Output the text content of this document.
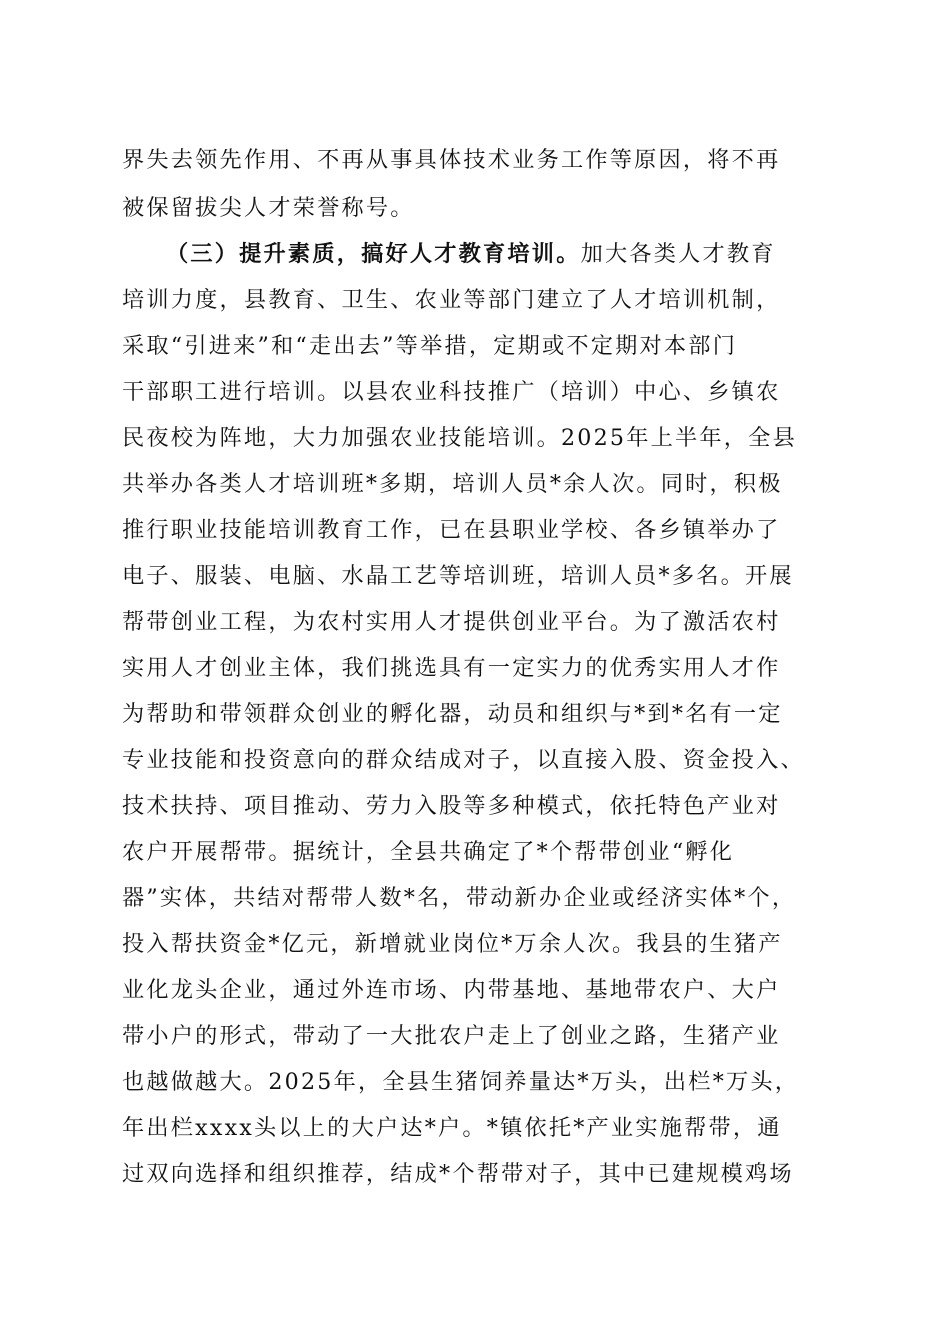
界失去领先作用、不再从事具体技术业务工作等原因，将不再
被保留拔尖人才荣誉称号。
（三）提升素质，搞好人才教育培训。加大各类人才教育
培训力度，县教育、卫生、农业等部门建立了人才培训机制，
采取“引进来”和“走出去”等举措，定期或不定期对本部门
干部职工进行培训。以县农业科技推广（培训）中心、乡镇农
民夜校为阵地，大力加强农业技能培训。2025年上半年，全县
共举办各类人才培训班*多期，培训人员*余人次。同时，积极
推行职业技能培训教育工作，已在县职业学校、各乡镇举办了
电子、服装、电脑、水晶工艺等培训班，培训人员*多名。开展
帮带创业工程，为农村实用人才提供创业平台。为了激活农村
实用人才创业主体，我们挑选具有一定实力的优秀实用人才作
为帮助和带领群众创业的孵化器，动员和组织与*到*名有一定
专业技能和投资意向的群众结成对子，以直接入股、资金投入、
技术扶持、项目推动、劳力入股等多种模式，依托特色产业对
农户开展帮带。据统计，全县共确定了*个帮带创业“孵化
器”实体，共结对帮带人数*名，带动新办企业或经济实体*个，
投入帮扶资金*亿元，新增就业岗位*万余人次。我县的生猪产
业化龙头企业，通过外连市场、内带基地、基地带农户、大户
带小户的形式，带动了一大批农户走上了创业之路，生猪产业
也越做越大。2025年，全县生猪饲养量达*万头，出栏*万头，
年出栏xxxx头以上的大户达*户。*镇依托*产业实施帮带，通
过双向选择和组织推荐，结成*个帮带对子，其中已建规模鸡场
